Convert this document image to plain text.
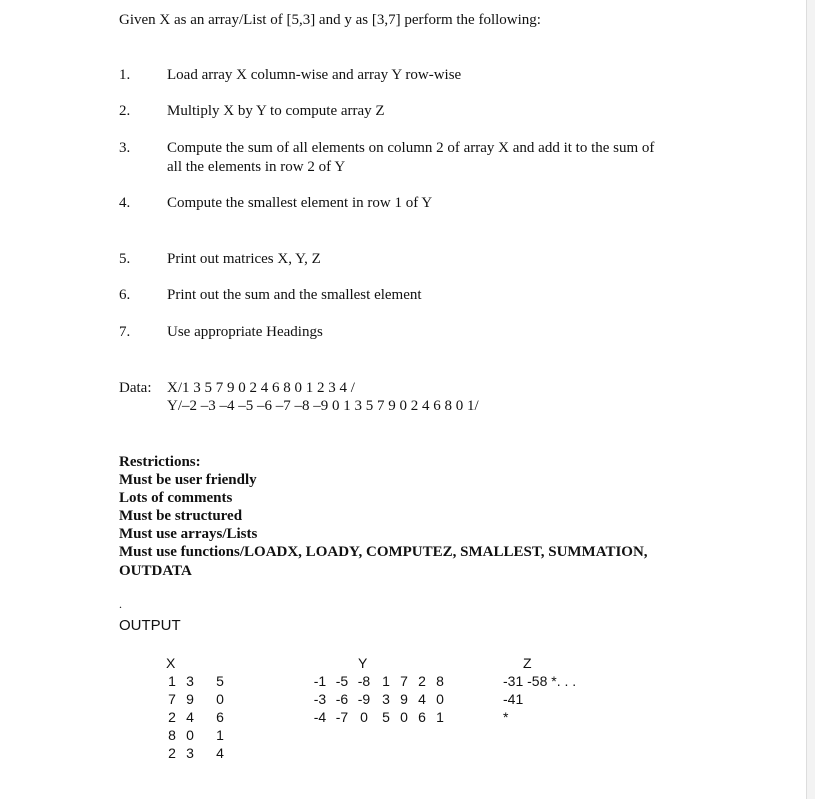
Given X as an array/List of [5,3] and y as [3,7] perform the following:
1. Load array X column-wise and array Y row-wise
2. Multiply X by Y to compute array Z
3. Compute the sum of all elements on column 2 of array X and add it to the sum of
all the elements in row 2 of Y
4. Compute the smallest element in row 1 of Y
5. Print out matrices X, Y, Z
6. Print out the sum and the smallest element
7. Use appropriate Headings
Data: X/1 3 5 7 9 0 2 4 6 8 0 1 2 3 4 /
Y/–2 –3 –4 –5 –6 –7 –8 –9 0 1 3 5 7 9 0 2 4 6 8 0 1/
Restrictions:
Must be user friendly
Lots of comments
Must be structured
Must use arrays/Lists
Must use functions/LOADX, LOADY, COMPUTEZ, SMALLEST, SUMMATION,
OUTDATA
.
OUTPUT
X	Y	Z
1 3 5
7 9 0
2 4 6
8 0 1
2 3 4
-1 -5 -8 1 7 2 8
-3 -6 -9 3 9 4 0
-4 -7 0 5 0 6 1
-31 -58 *. . .
-41
*
